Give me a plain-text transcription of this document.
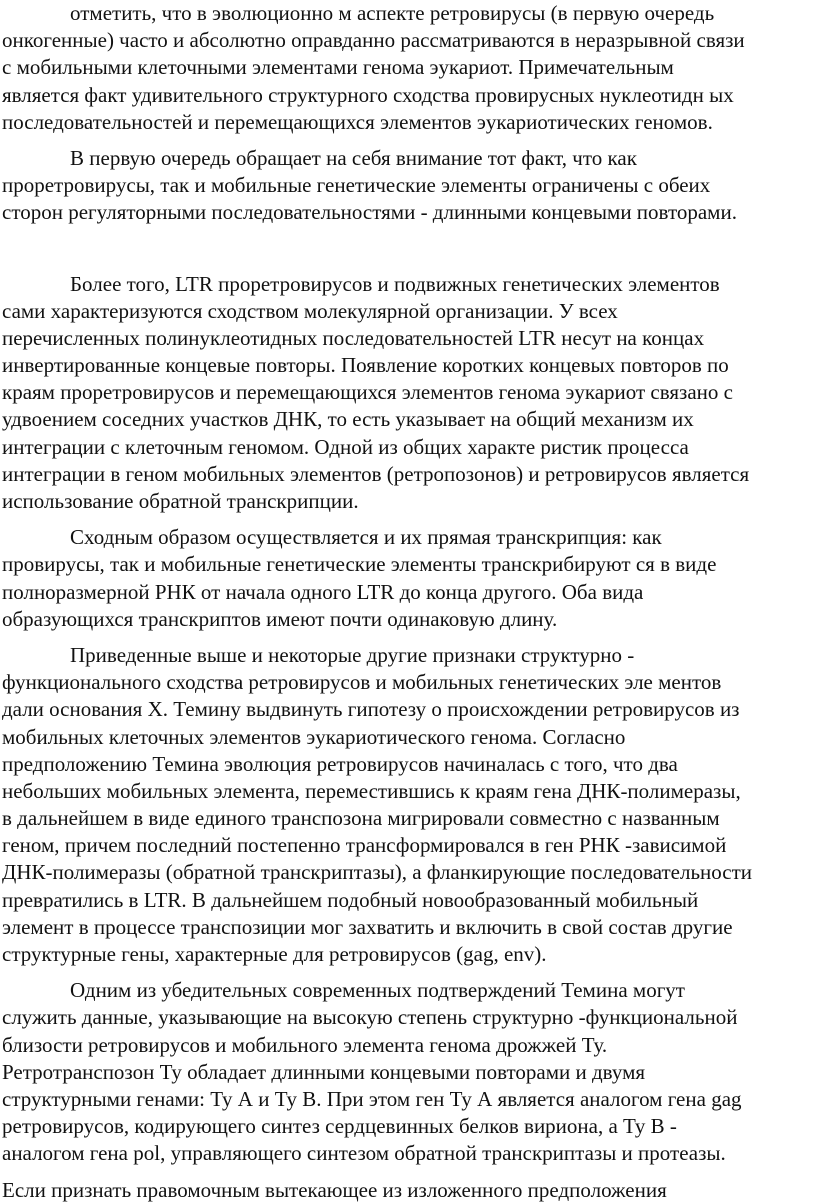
отметить, что в эволюционно м аспекте ретровирусы (в первую очередь
онкогенные) часто и абсолютно оправданно рассматриваются в неразрывной связи
с мобильными клеточными элементами генома эукариот. Примечательным
является факт удивительного структурного сходства провирусных нуклеотидн ых
последовательностей и перемещающихся элементов эукариотических геномов.
В первую очередь обращает на себя внимание тот факт, что как
проретровирусы, так и мобильные генетические элементы ограничены с обеих
сторон регуляторными последовательностями - длинными концевыми повторами.
Более того, LTR проретровирусов и подвижных генетических элементов
сами характеризуются сходством молекулярной организации. У всех
перечисленных полинуклеотидных последовательностей LTR несут на концах
инвертированные концевые повторы. Появление коротких концевых повторов по
краям проретровирусов и перемещающихся элементов генома эукариот связано с
удвоением соседних участков ДНК, то есть указывает на общий механизм их
интеграции с клеточным геномом. Одной из общих характе ристик процесса
интеграции в геном мобильных элементов (ретропозонов) и ретровирусов является
использование обратной транскрипции.
Сходным образом осуществляется и их прямая транскрипция: как
провирусы, так и мобильные генетические элементы транскрибируют ся в виде
полноразмерной РНК от начала одного LTR до конца другого. Оба вида
образующихся транскриптов имеют почти одинаковую длину.
Приведенные выше и некоторые другие признаки структурно -
функционального сходства ретровирусов и мобильных генетических эле ментов
дали основания Х. Темину выдвинуть гипотезу о происхождении ретровирусов из
мобильных клеточных элементов эукариотического генома. Согласно
предположению Темина эволюция ретровирусов начиналась с того, что два
небольших мобильных элемента, переместившись к краям гена ДНК-полимеразы,
в дальнейшем в виде единого транспозона мигрировали совместно с названным
геном, причем последний постепенно трансформировался в ген РНК -зависимой
ДНК-полимеразы (обратной транскриптазы), а фланкирующие последовательности
превратились в LTR. В дальнейшем подобный новообразованный мобильный
элемент в процессе транспозиции мог захватить и включить в свой состав другие
структурные гены, характерные для ретровирусов (gag, env).
Одним из убедительных современных подтверждений Темина могут
служить данные, указывающие на высокую степень структурно -функциональной
близости ретровирусов и мобильного элемента генома дрожжей Ту.
Ретротранспозон Ту обладает длинными концевыми повторами и двумя
структурными генами: Ту А и Ту В. При этом ген Ту А является аналогом гена gag
ретровирусов, кодирующего синтез сердцевинных белков вириона, а Ту В -
аналогом гена pol, управляющего синтезом обратной транскриптазы и протеазы.
Если признать правомочным вытекающее из изложенного предположения
